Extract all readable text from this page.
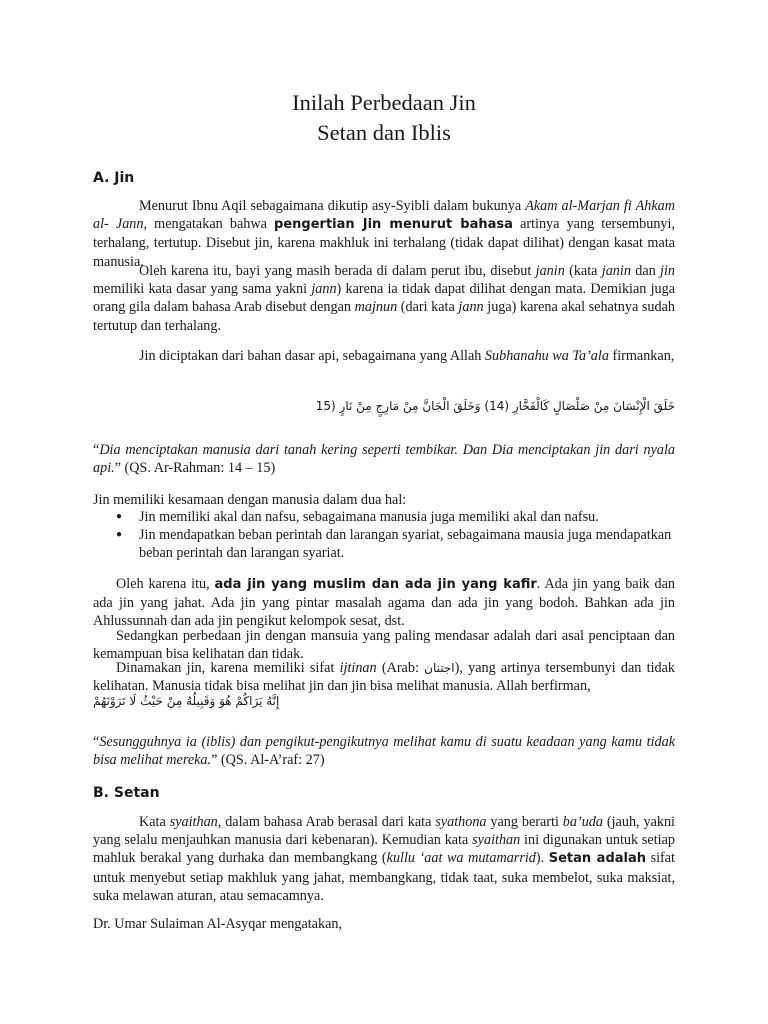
Inilah Perbedaan Jin
Setan dan Iblis
A. Jin

Menurut Ibnu Aqil sebagaimana dikutip asy-Syibli dalam bukunya Akam al-Marjan fi Ahkam al- Jann, mengatakan bahwa pengertian Jin menurut bahasa artinya yang tersembunyi, terhalang, tertutup. Disebut jin, karena makhluk ini terhalang (tidak dapat dilihat) dengan kasat mata manusia.

Oleh karena itu, bayi yang masih berada di dalam perut ibu, disebut janin (kata janin dan jin memiliki kata dasar yang sama yakni jann) karena ia tidak dapat dilihat dengan mata. Demikian juga orang gila dalam bahasa Arab disebut dengan majnun (dari kata jann juga) karena akal sehatnya sudah tertutup dan terhalang.

Jin diciptakan dari bahan dasar api, sebagaimana yang Allah Subhanahu wa Ta’ala firmankan,

خَلَقَ الْإِنْسَانَ مِنْ صَلْصَالٍ كَالْفَخَّارِ (14) وَخَلَقَ الْجَانَّ مِنْ مَارِجٍ مِنْ نَارٍ (15

“Dia menciptakan manusia dari tanah kering seperti tembikar. Dan Dia menciptakan jin dari nyala api.” (QS. Ar-Rahman: 14 – 15)

Jin memiliki kesamaan dengan manusia dalam dua hal:

● Jin memiliki akal dan nafsu, sebagaimana manusia juga memiliki akal dan nafsu.
● Jin mendapatkan beban perintah dan larangan syariat, sebagaimana mausia juga mendapatkan beban perintah dan larangan syariat.

Oleh karena itu, ada jin yang muslim dan ada jin yang kafir. Ada jin yang baik dan ada jin yang jahat. Ada jin yang pintar masalah agama dan ada jin yang bodoh. Bahkan ada jin Ahlussunnah dan ada jin pengikut kelompok sesat, dst.

Sedangkan perbedaan jin dengan mansuia yang paling mendasar adalah dari asal penciptaan dan kemampuan bisa kelihatan dan tidak.

Dinamakan jin, karena memiliki sifat ijtinan (Arab: اجتنان), yang artinya tersembunyi dan tidak kelihatan. Manusia tidak bisa melihat jin dan jin bisa melihat manusia. Allah berfirman,

إِنَّهُ يَرَاكُمْ هُوَ وَقَبِيلُهُ مِنْ حَيْثُ لَا تَرَوْنَهُمْ

“Sesungguhnya ia (iblis) dan pengikut-pengikutnya melihat kamu di suatu keadaan yang kamu tidak bisa melihat mereka.” (QS. Al-A’raf: 27)

B. Setan

Kata syaithan, dalam bahasa Arab berasal dari kata syathona yang berarti ba’uda (jauh, yakni yang selalu menjauhkan manusia dari kebenaran). Kemudian kata syaithan ini digunakan untuk setiap mahluk berakal yang durhaka dan membangkang (kullu ‘aat wa mutamarrid). Setan adalah sifat untuk menyebut setiap makhluk yang jahat, membangkang, tidak taat, suka membelot, suka maksiat, suka melawan aturan, atau semacamnya.

Dr. Umar Sulaiman Al-Asyqar mengatakan,
